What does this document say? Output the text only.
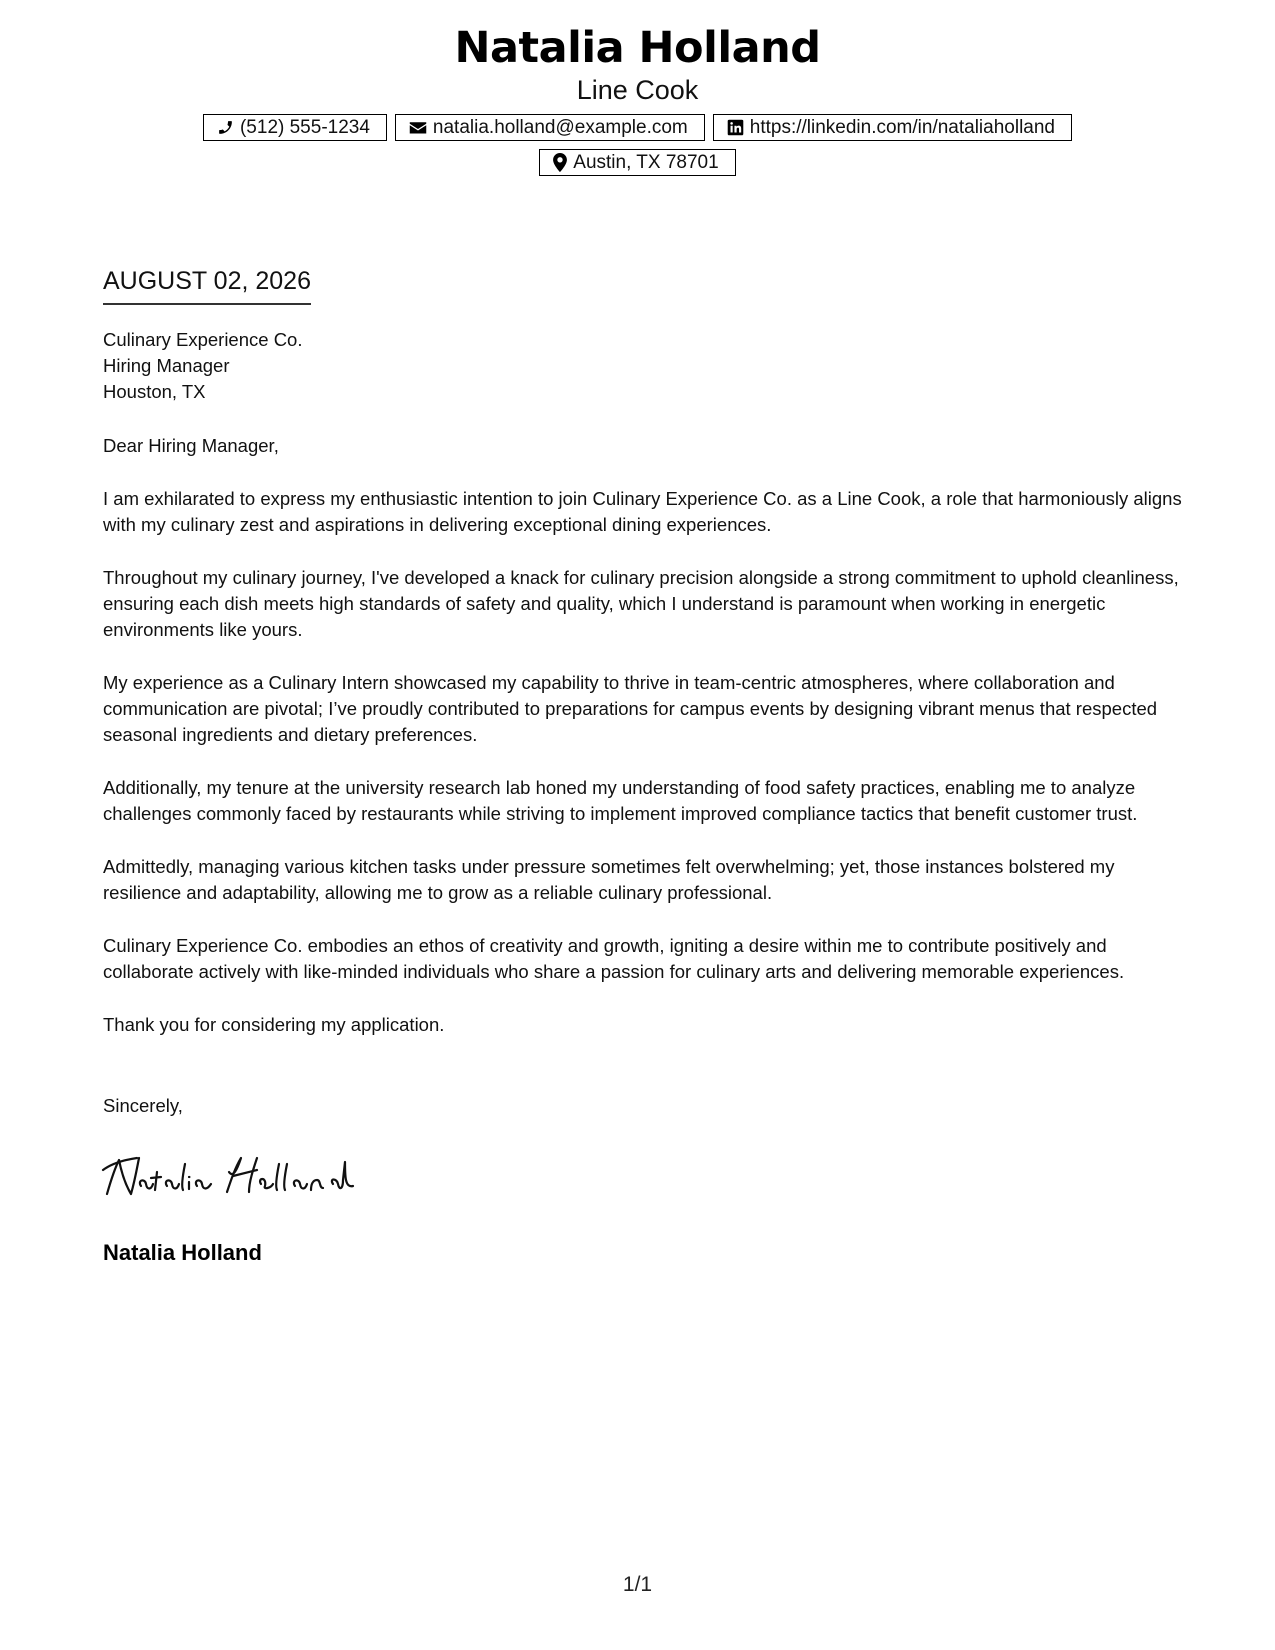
Natalia Holland
Line Cook
(512) 555-1234	natalia.holland@example.com	https://linkedin.com/in/nataliaholland
Austin, TX 78701
AUGUST 02, 2026
Culinary Experience Co.
Hiring Manager
Houston, TX

Dear Hiring Manager,

I am exhilarated to express my enthusiastic intention to join Culinary Experience Co. as a Line Cook, a role that harmoniously aligns with my culinary zest and aspirations in delivering exceptional dining experiences.

Throughout my culinary journey, I've developed a knack for culinary precision alongside a strong commitment to uphold cleanliness, ensuring each dish meets high standards of safety and quality, which I understand is paramount when working in energetic environments like yours.

My experience as a Culinary Intern showcased my capability to thrive in team-centric atmospheres, where collaboration and communication are pivotal; I’ve proudly contributed to preparations for campus events by designing vibrant menus that respected seasonal ingredients and dietary preferences.

Additionally, my tenure at the university research lab honed my understanding of food safety practices, enabling me to analyze challenges commonly faced by restaurants while striving to implement improved compliance tactics that benefit customer trust.

Admittedly, managing various kitchen tasks under pressure sometimes felt overwhelming; yet, those instances bolstered my resilience and adaptability, allowing me to grow as a reliable culinary professional.

Culinary Experience Co. embodies an ethos of creativity and growth, igniting a desire within me to contribute positively and collaborate actively with like-minded individuals who share a passion for culinary arts and delivering memorable experiences.

Thank you for considering my application.

Sincerely,
Natalia Holland
1/1
